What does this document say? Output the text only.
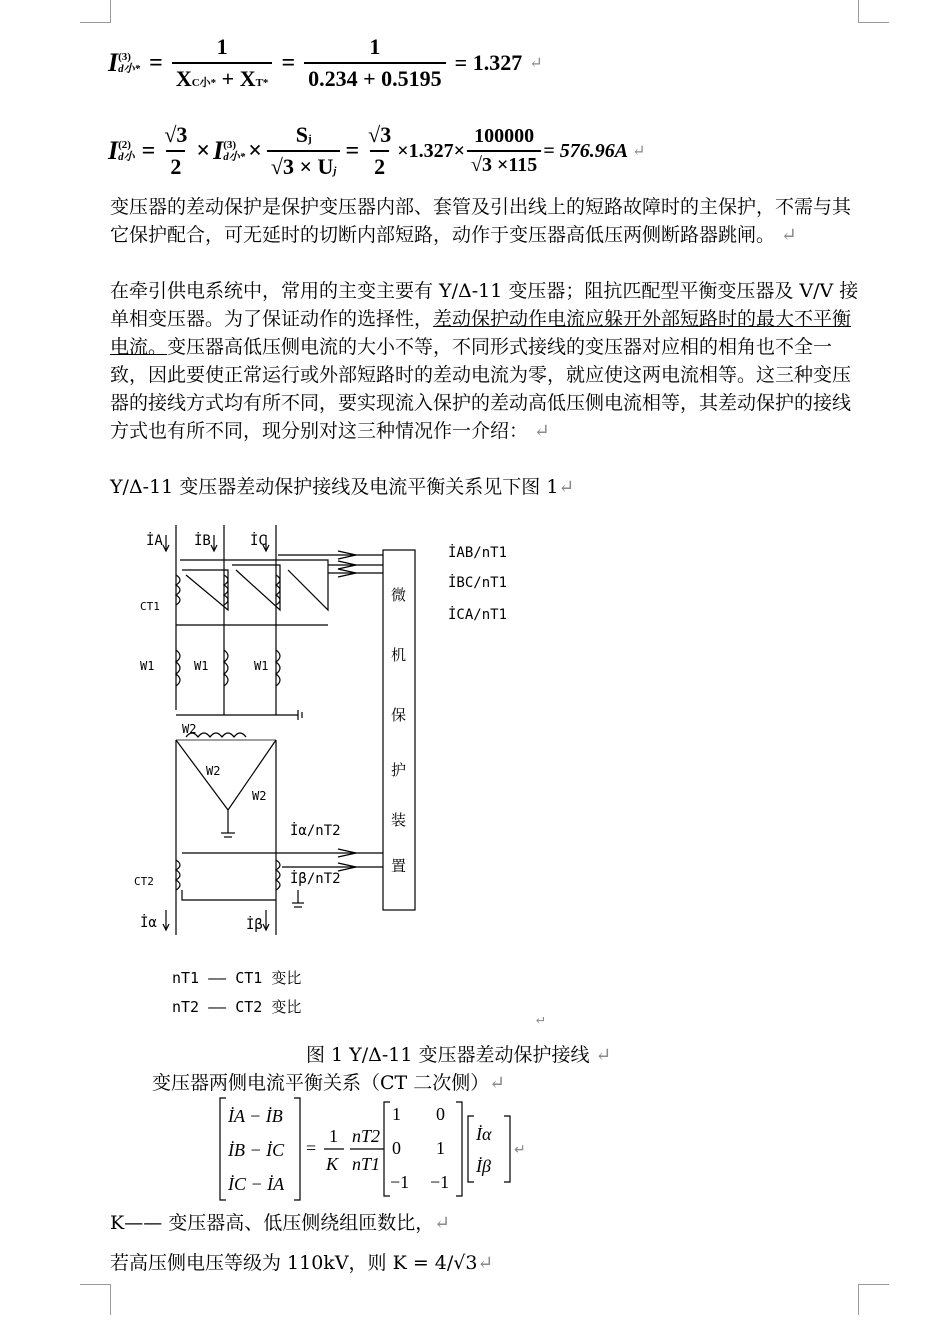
I (3)
d小* = $\frac{1}{\text{XC小* + XT*}} = \frac{1}{0.234 + 0.5195} = 1.327$ ↵
I (2)
d小 = $\frac{√3}{2} \times I$ (3)
d小* × $\frac{Sj}{√3 \times Uj} = \frac{√3}{2} \times 1.327\times \frac{100000}{√3 \times 115} = 576.96A$ ↵
变压器的差动保护是保护变压器内部、套管及引出线上的短路故障时的主保护，不需与其它保护配合，可无延时的切断内部短路，动作于变压器高低压两侧断路器跳闸。 ↵
在牵引供电系统中，常用的主变主要有 Y/Δ-11 变压器；阻抗匹配型平衡变压器及 V/V 接单相变压器。为了保证动作的选择性，差动保护动作电流应躲开外部短路时的最大不平衡电流。变压器高低压侧电流的大小不等，不同形式接线的变压器对应相的相角也不全一致，因此要使正常运行或外部短路时的差动电流为零，就应使这两电流相等。这三种变压器的接线方式均有所不同，要实现流入保护的差动高低压侧电流相等，其差动保护的接线方式也有所不同，现分别对这三种情况作一介绍： ↵
Y/Δ-11 变压器差动保护接线及电流平衡关系见下图 1↵
İA İB	İC
İAB/nT1
İBC/nT1
İCA/nT1
CT1
W1	W1	W1
W2
W2
W2
CT2
İα/nT2
İβ/nT2
İα	İβ
微
机
保
护
装
置
nT1 —— CT1 变比
nT2 —— CT2 变比
↵
图 1 Y/Δ-11 变压器差动保护接线 ↵
变压器两侧电流平衡关系（CT 二次侧）↵
İA − İB
İB − İC
İC − İA
=
1
K
nT2
nT1
1 0
0 1
−1 −1
İα
İβ
↵
K—— 变压器高、低压侧绕组匝数比，↵
若高压侧电压等级为 110kV，则 K = 4/√3↵
